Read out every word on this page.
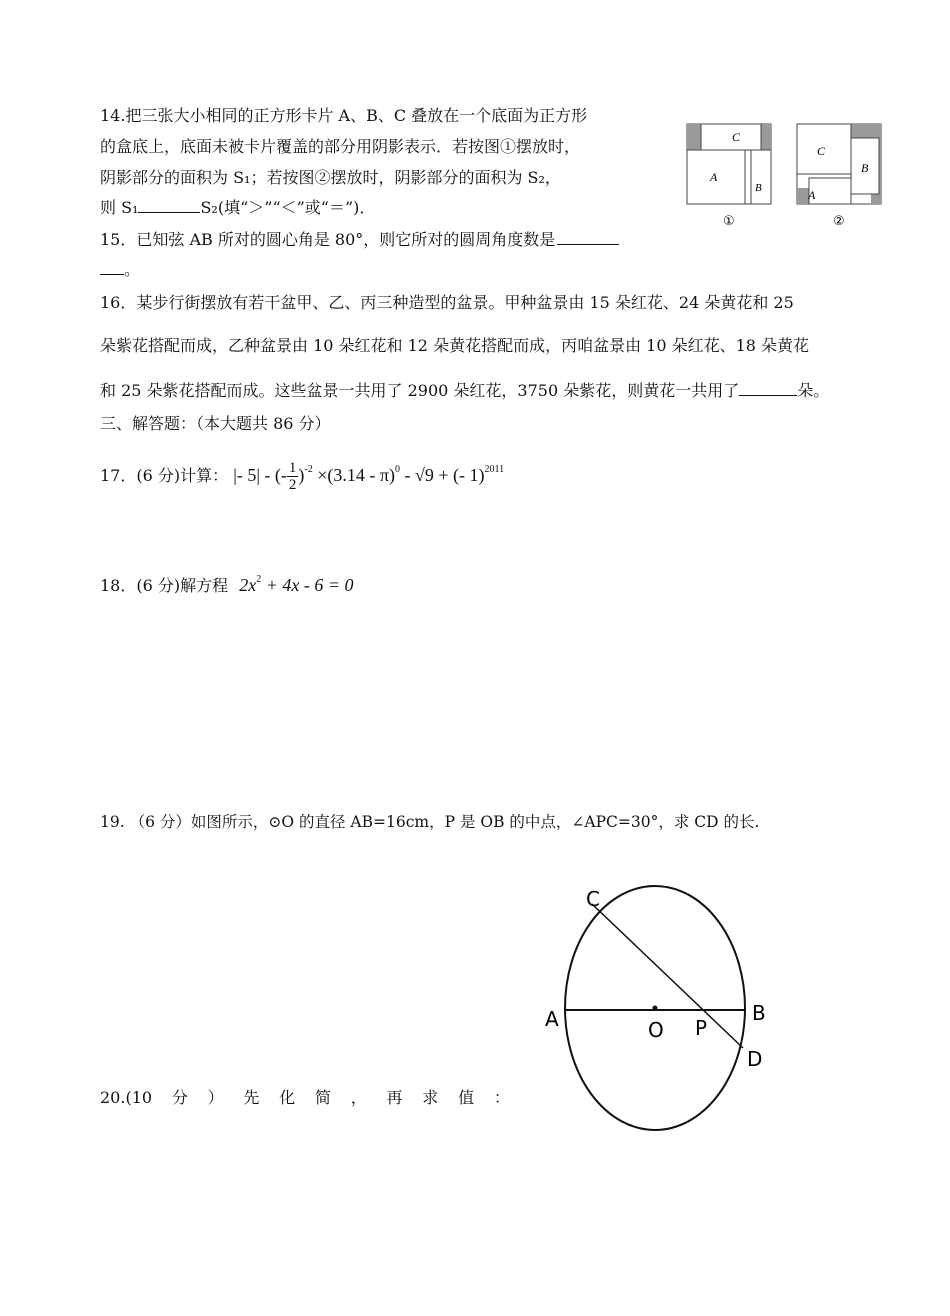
14.把三张大小相同的正方形卡片 A、B、C 叠放在一个底面为正方形
的盒底上，底面未被卡片覆盖的部分用阴影表示．若按图①摆放时，
阴影部分的面积为 S₁；若按图②摆放时，阴影部分的面积为 S₂，
则 S₁	S₂(填“＞”“＜”或“＝”)．
C
A
B
①
C
B
A
②
15．已知弦 AB 所对的圆心角是 80°，则它所对的圆周角度数是
。
16．某步行街摆放有若干盆甲、乙、丙三种造型的盆景。甲种盆景由 15 朵红花、24 朵黄花和 25
朵紫花搭配而成，乙种盆景由 10 朵红花和 12 朵黄花搭配而成，丙咱盆景由 10 朵红花、18 朵黄花
和 25 朵紫花搭配而成。这些盆景一共用了 2900 朵红花，3750 朵紫花，则黄花一共用了	朵。
三、解答题：（本大题共 86 分）
17．(6 分)计算： |- 5| - (- $\frac{1}{2} )^{-2} \times(3.14 - \pi)^0 - √9$ + (- 1)$^{2011}$
18．(6 分)解方程 $2x^2 + 4x - 6 = 0$
19. （6 分）如图所示，⊙O 的直径 AB=16cm，P 是 OB 的中点，∠APC=30°，求 CD 的长.
C
A	O P
B
D
20.(10 分 ） 先 化 简 ， 再 求 值 ：
